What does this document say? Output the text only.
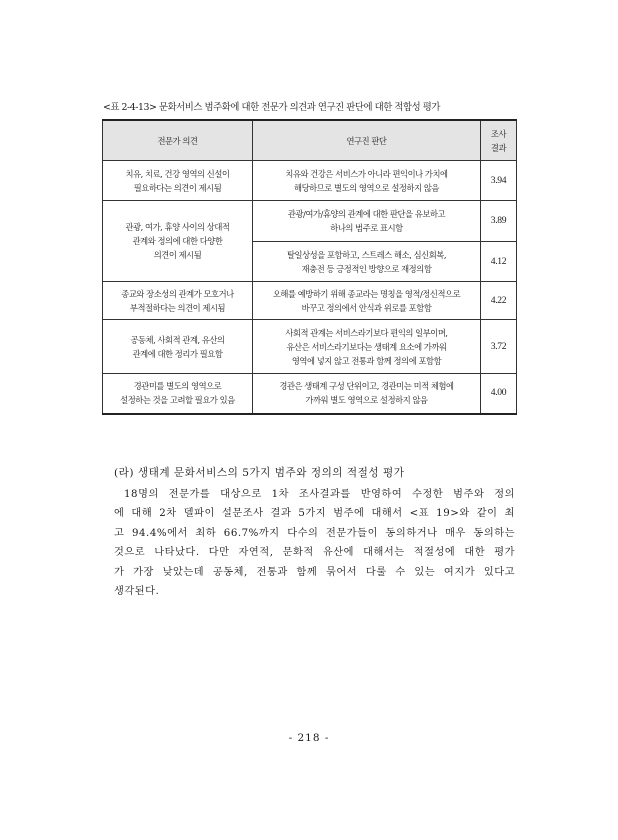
<표 2-4-13> 문화서비스 범주화에 대한 전문가 의견과 연구진 판단에 대한 적합성 평가
전문가 의견	연구진 판단	조사
결과
치유, 치료, 건강 영역의 신설이
필요하다는 의견이 제시됨	치유와 건강은 서비스가 아니라 편익이나 가치에
해당하므로 별도의 영역으로 설정하지 않음	3.94
관광, 여가, 휴양 사이의 상대적
관계와 정의에 대한 다양한
의견이 제시됨	관광/여가/휴양의 관계에 대한 판단을 유보하고
하나의 범주로 표시함	3.89
	탈일상성을 포함하고, 스트레스 해소, 심신회복,
재충전 등 긍정적인 방향으로 재정의함	4.12
종교와 장소성의 관계가 모호거나
부적절하다는 의견이 제시됨	오해를 예방하기 위해 종교라는 명칭을 영적/정신적으로
바꾸고 정의에서 안식과 위로를 포함함	4.22
공동체, 사회적 관계, 유산의
관계에 대한 정리가 필요함	사회적 관계는 서비스라기보다 편익의 일부이며,
유산은 서비스라기보다는 생태계 요소에 가까워
영역에 넣지 않고 전통과 함께 정의에 포함함	3.72
경관미를 별도의 영역으로
설정하는 것을 고려할 필요가 있음	경관은 생태계 구성 단위이고, 경관미는 미적 체험에
가까워 별도 영역으로 설정하지 않음	4.00
(라) 생태계 문화서비스의 5가지 범주와 정의의 적절성 평가
18명의 전문가를 대상으로 1차 조사결과를 반영하여 수정한 범주와 정의
에 대해 2차 델파이 설문조사 결과 5가지 범주에 대해서 <표 19>와 같이 최
고 94.4%에서 최하 66.7%까지 다수의 전문가들이 동의하거나 매우 동의하는
것으로 나타났다. 다만 자연적, 문화적 유산에 대해서는 적절성에 대한 평가
가 가장 낮았는데 공동체, 전통과 함께 묶어서 다룰 수 있는 여지가 있다고
생각된다.
- 218 -
